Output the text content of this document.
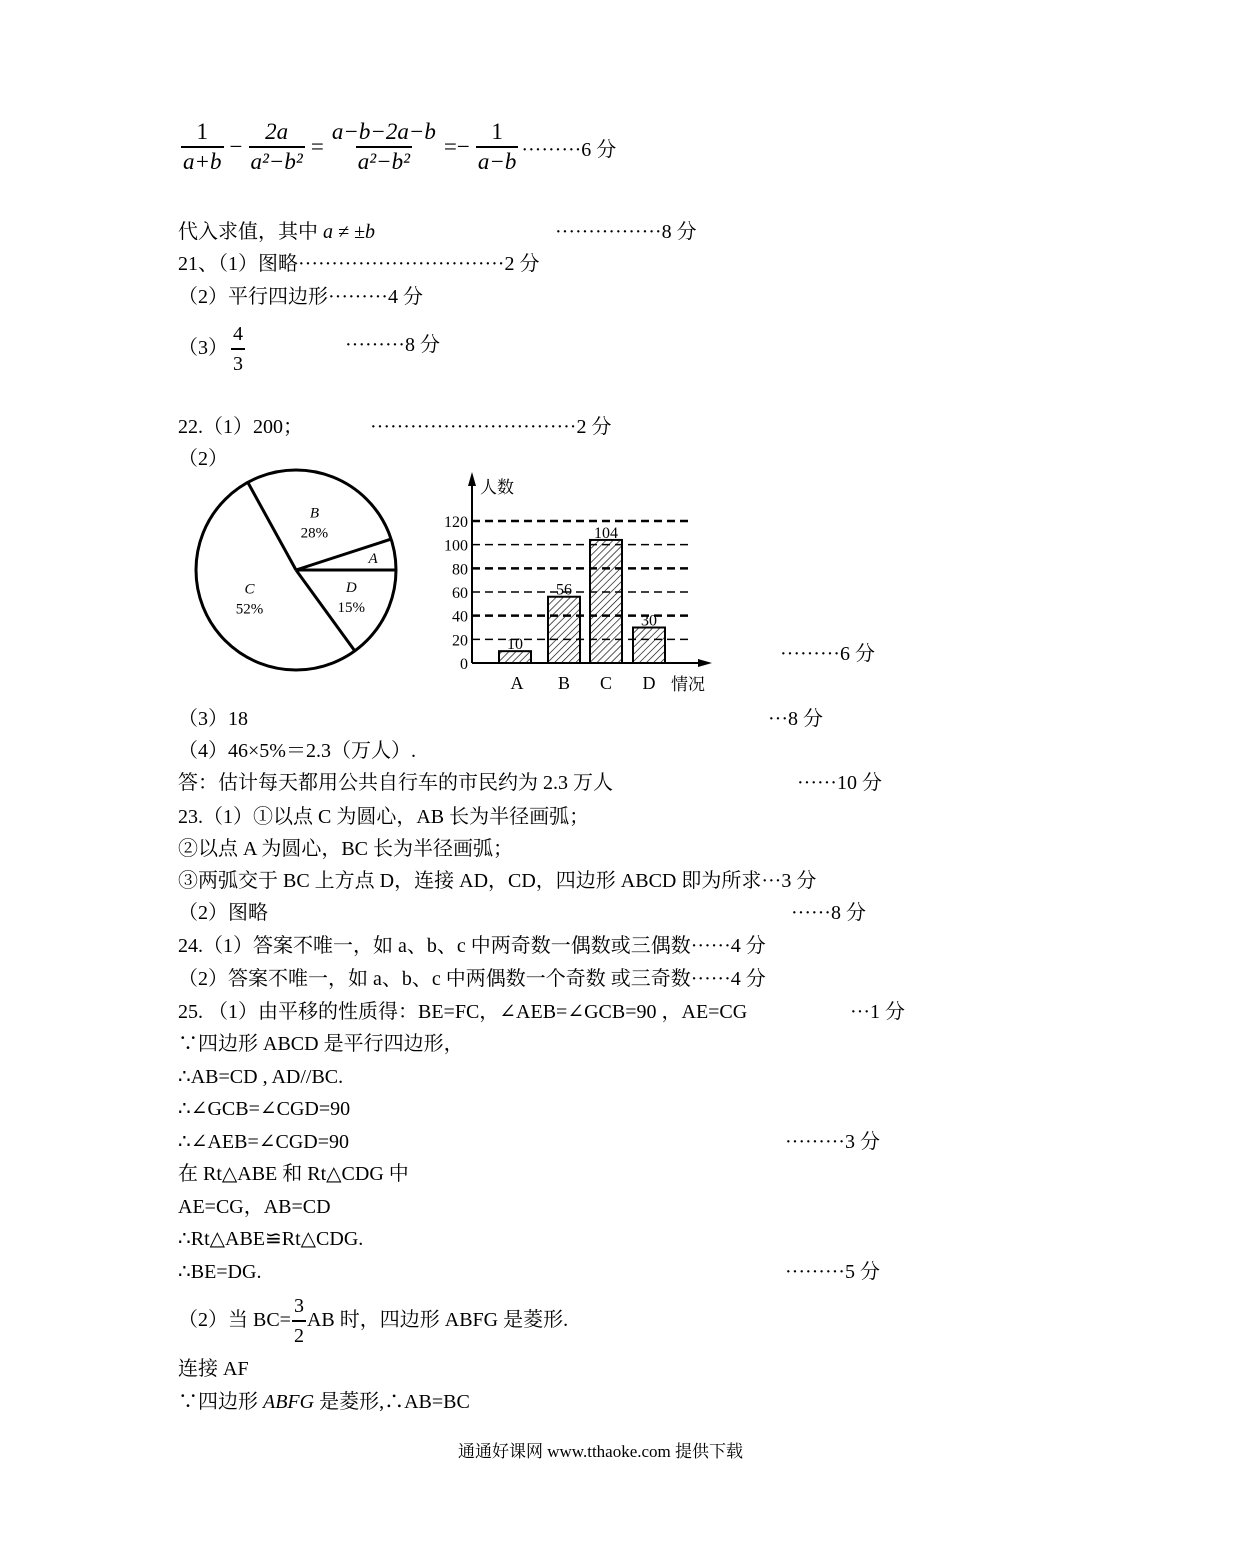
$\frac{1}{a+b} - \frac{2a}{\text{a²−b²}} = \frac{a-b-2a-b}{\text{a²−b²}} =- \frac{1}{a-b} \cdot\cdot\cdot\cdot\cdot\cdot\cdot\cdot\cdot 6$ 分
代入求值，其中 a ≠ ±b	················8 分
21、（1）图略·······························2 分
（2）平行四边形·········4 分
$(3) \frac{4}{3}$	·········8 分
22.（1）200；	·······························2 分
（2）
A
B
28%
C
52%
D
15%
0
20
40
60
80
100
120
人数
情况
10
A
56
B
104
C
30
D
·········6 分
（3）18	···8 分
（4）46×5%＝2.3（万人）.
答：估计每天都用公共自行车的市民约为 2.3 万人	······10 分
23.（1）①以点 C 为圆心，AB 长为半径画弧；
②以点 A 为圆心，BC 长为半径画弧；
③两弧交于 BC 上方点 D，连接 AD，CD，四边形 ABCD 即为所求···3 分
（2）图略	······8 分
24.（1）答案不唯一，如 a、b、c 中两奇数一偶数或三偶数······4 分
（2）答案不唯一，如 a、b、c 中两偶数一个奇数 或三奇数······4 分
25. （1）由平移的性质得：BE=FC，∠AEB=∠GCB=90 ，AE=CG	···1 分
∵四边形 ABCD 是平行四边形，
∴AB=CD , AD//BC.
∴∠GCB=∠CGD=90
∴∠AEB=∠CGD=90	·········3 分
在 Rt△ABE 和 Rt△CDG 中
AE=CG，AB=CD
∴Rt△ABE≌Rt△CDG.
∴BE=DG.	·········5 分
（2）当 $BC= \frac{3}{2}$ AB 时，四边形 ABFG 是菱形.
连接 AF
∵四边形 ABFG 是菱形,∴AB=BC
通通好课网 www.tthaoke.com 提供下载
